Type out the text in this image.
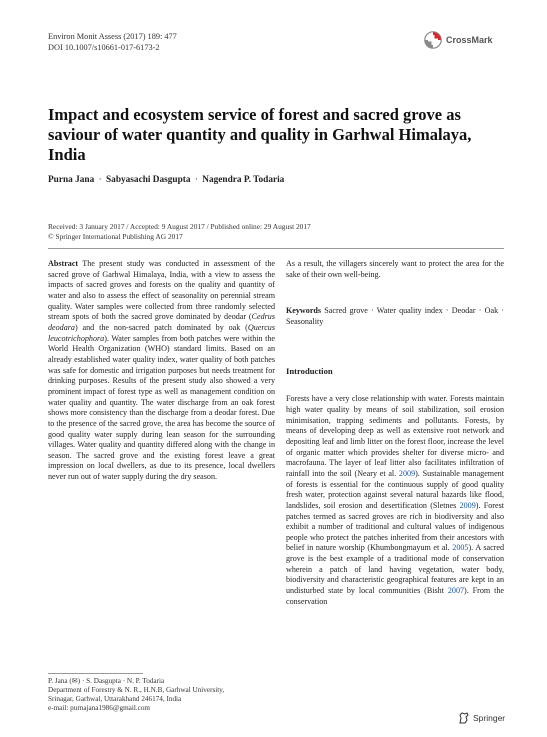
Environ Monit Assess (2017) 189: 477
DOI 10.1007/s10661-017-6173-2
CrossMark
Impact and ecosystem service of forest and sacred grove as saviour of water quantity and quality in Garhwal Himalaya, India
Purna Jana · Sabyasachi Dasgupta · Nagendra P. Todaria
Received: 3 January 2017 / Accepted: 9 August 2017 / Published online: 29 August 2017
© Springer International Publishing AG 2017

Abstract The present study was conducted in assessment of the sacred grove of Garhwal Himalaya, India, with a view to assess the impacts of sacred groves and forests on the quality and quantity of water and also to assess the effect of seasonality on perennial stream quality. Water samples were collected from three randomly selected stream spots of both the sacred grove dominated by deodar (Cedrus deodara) and the non-sacred patch dominated by oak (Quercus leucotrichophora). Water samples from both patches were within the World Health Organization (WHO) standard limits. Based on an already established water quality index, water quality of both patches was safe for domestic and irrigation purposes but needs treatment for drinking purposes. Results of the present study also showed a very prominent impact of forest type as well as management condition on water quality and quantity. The water discharge from an oak forest shows more consistency than the discharge from a deodar forest. Due to the presence of the sacred grove, the area has become the source of good quality water supply during lean season for the surrounding villages. Water quality and quantity differed along with the change in season. The sacred grove and the existing forest leave a great impression on local dwellers, as due to its presence, local dwellers never run out of water supply during the dry season.

As a result, the villagers sincerely want to protect the area for the sake of their own well-being.

Keywords Sacred grove · Water quality index · Deodar · Oak · Seasonality

Introduction

Forests have a very close relationship with water. Forests maintain high water quality by means of soil stabilization, soil erosion minimisation, trapping sediments and pollutants. Forests, by means of developing deep as well as extensive root network and depositing leaf and limb litter on the forest floor, increase the level of organic matter which provides shelter for diverse micro- and macrofauna. The layer of leaf litter also facilitates infiltration of rainfall into the soil (Neary et al. 2009). Sustainable management of forests is essential for the continuous supply of good quality fresh water, protection against several natural hazards like flood, landslides, soil erosion and desertification (Sletnes 2009). Forest patches termed as sacred groves are rich in biodiversity and also exhibit a number of traditional and cultural values of indigenous people who protect the patches inherited from their ancestors with belief in nature worship (Khumbongmayum et al. 2005). A sacred grove is the best example of a traditional mode of conservation wherein a patch of land having vegetation, water body, biodiversity and characteristic geographical features are kept in an undisturbed state by local communities (Bisht 2007). From the conservation

P. Jana (✉) · S. Dasgupta · N. P. Todaria
Department of Forestry & N. R., H.N.B, Garhwal University,
Srinagar, Garhwal, Uttarakhand 246174, India
e-mail: purnajana1986@gmail.com
Springer
